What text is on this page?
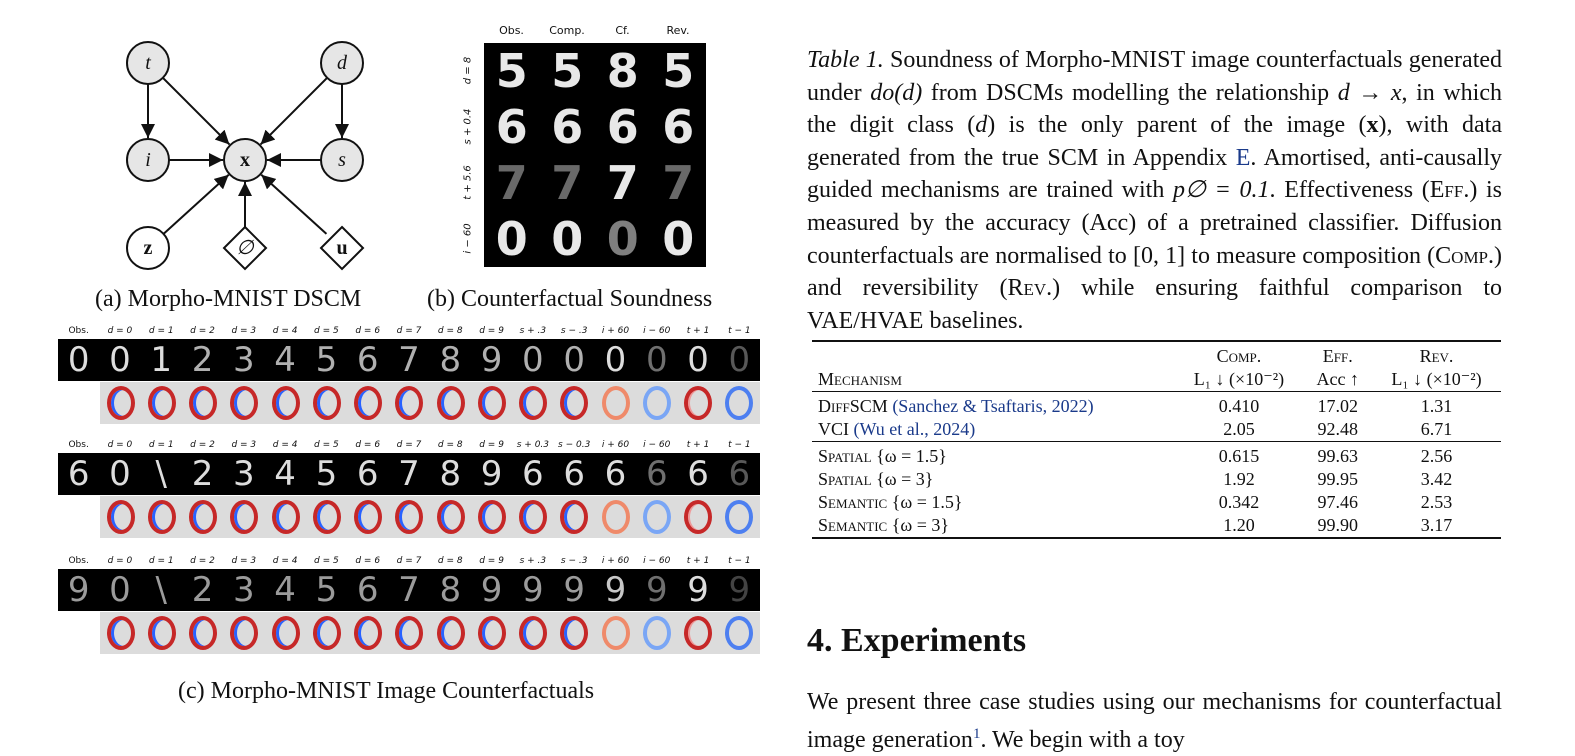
t	d
i	x	s
z	∅	u
(a) Morpho-MNIST DSCM
Obs.	Comp.	Cf.	Rev.
d = 8
s + 0.4
t + 5.6
i − 60
5 5 8 5
6 6 6 6
7 7 7 7
0 0 0 0
(b) Counterfactual Soundness
Obs. d = 0 d = 1 d = 2 d = 3 d = 4 d = 5 d = 6 d = 7 d = 8 d = 9 s + .3 s − .3 i + 60 i − 60 t + 1 t − 1
0 0 1 2 3 4 5 6 7 8 9 0 0 0 0 0 0
Obs. d = 0 d = 1 d = 2 d = 3 d = 4 d = 5 d = 6 d = 7 d = 8 d = 9 s + 0.3 s − 0.3 i + 60 i − 60 t + 1 t − 1
6 0 \ 2 3 4 5 6 7 8 9 6 6 6 6 6 6
Obs. d = 0 d = 1 d = 2 d = 3 d = 4 d = 5 d = 6 d = 7 d = 8 d = 9 s + .3 s − .3 i + 60 i − 60 t + 1 t − 1
9 0 \ 2 3 4 5 6 7 8 9 9 9 9 9 9 9
(c) Morpho-MNIST Image Counterfactuals
Table 1. Soundness of Morpho-MNIST image counterfactuals generated under do(d) from DSCMs modelling the relationship d → x, in which the digit class (d) is the only parent of the image (x), with data generated from the true SCM in Appendix E. Amortised, anti-causally guided mechanisms are trained with p∅ = 0.1. Effectiveness (Eff.) is measured by the accuracy (Acc) of a pretrained classifier. Diffusion counterfactuals are normalised to [0, 1] to measure composition (Comp.) and reversibility (Rev.) while ensuring faithful comparison to VAE/HVAE baselines.
	Comp.	Eff.	Rev.
Mechanism	L₁ ↓ (×10⁻²)	Acc ↑	L₁ ↓ (×10⁻²)
DiffSCM (Sanchez & Tsaftaris, 2022)	0.410	17.02	1.31
VCI (Wu et al., 2024)	2.05	92.48	6.71
Spatial {ω = 1.5}	0.615	99.63	2.56
Spatial {ω = 3}	1.92	99.95	3.42
Semantic {ω = 1.5}	0.342	97.46	2.53
Semantic {ω = 3}	1.20	99.90	3.17
4. Experiments
We present three case studies using our mechanisms for counterfactual image generation$^1$. We begin with a toy
